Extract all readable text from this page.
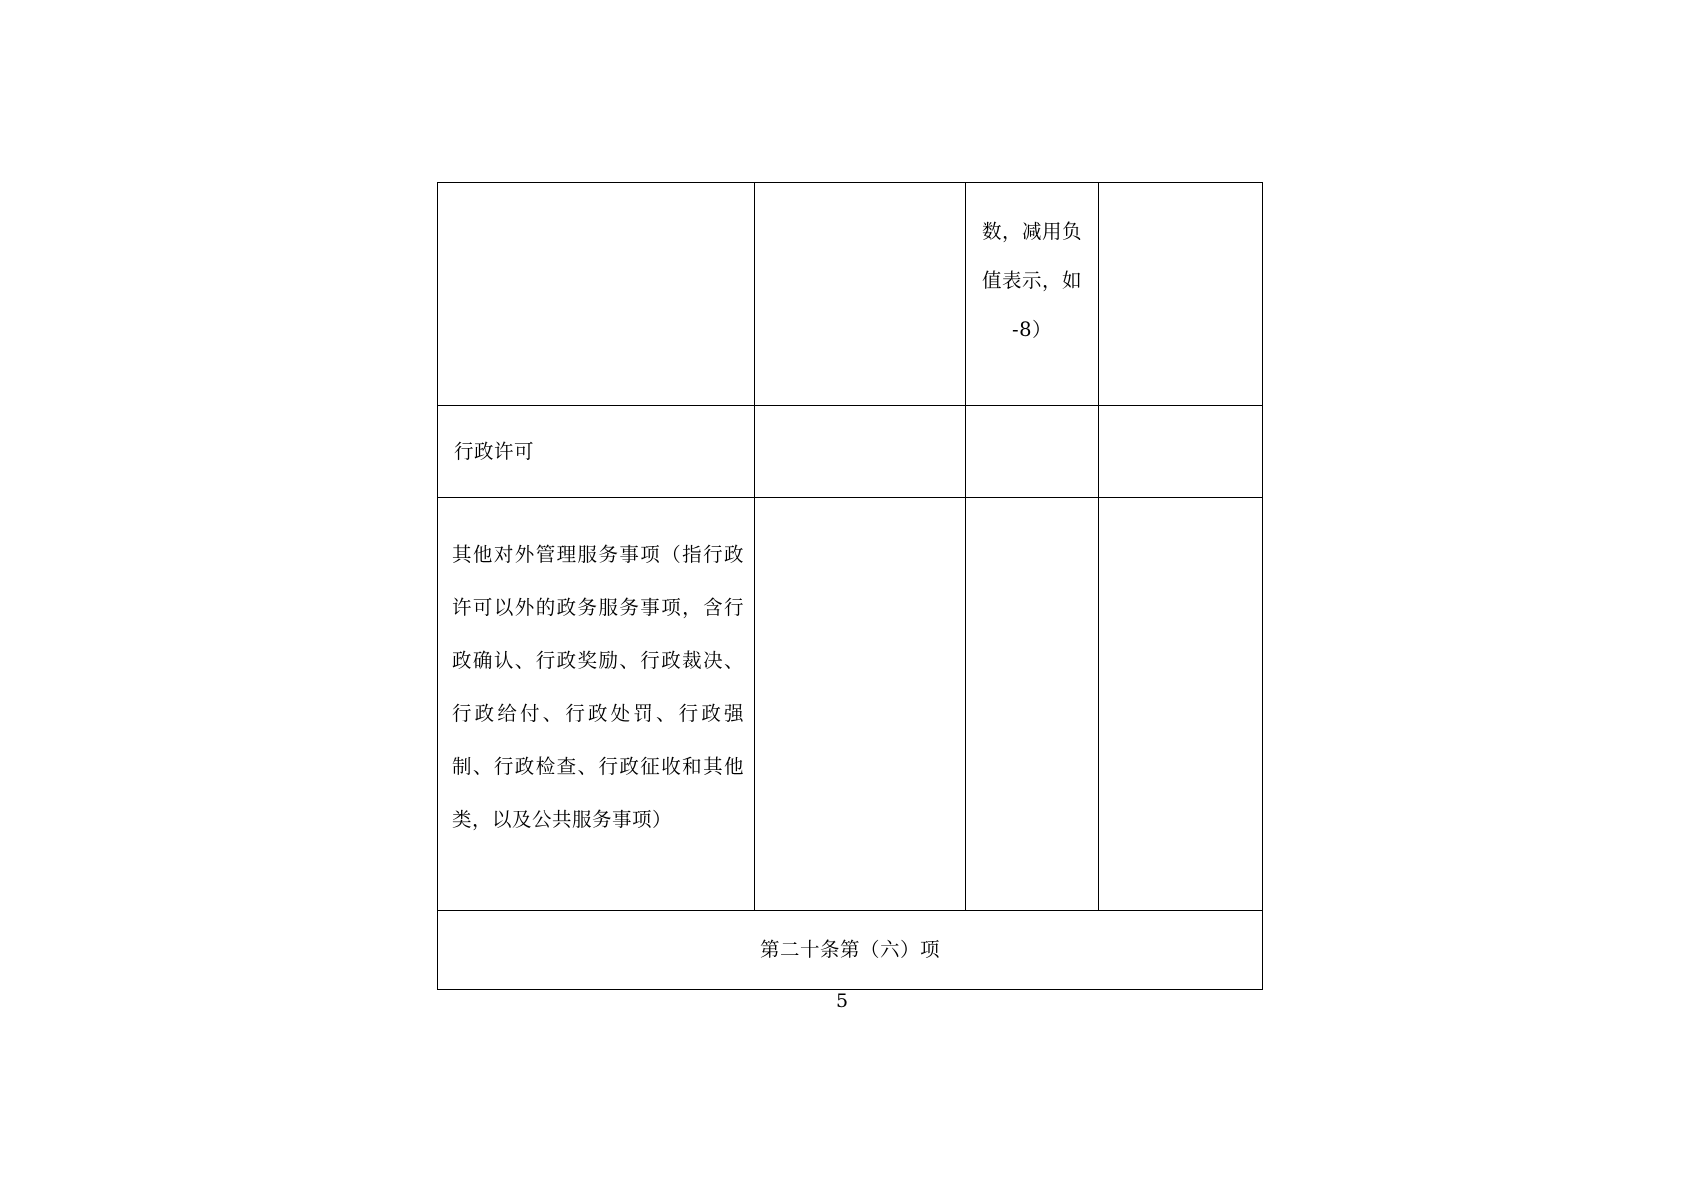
		数，减用负
值表示，如
-8）	

行政许可			

其他对外管理服务事项（指行政许可以外的政务服务事项，含行政确认、行政奖励、行政裁决、行政给付、行政处罚、行政强制、行政检查、行政征收和其他类，以及公共服务事项）			

第二十条第（六）项			
5
